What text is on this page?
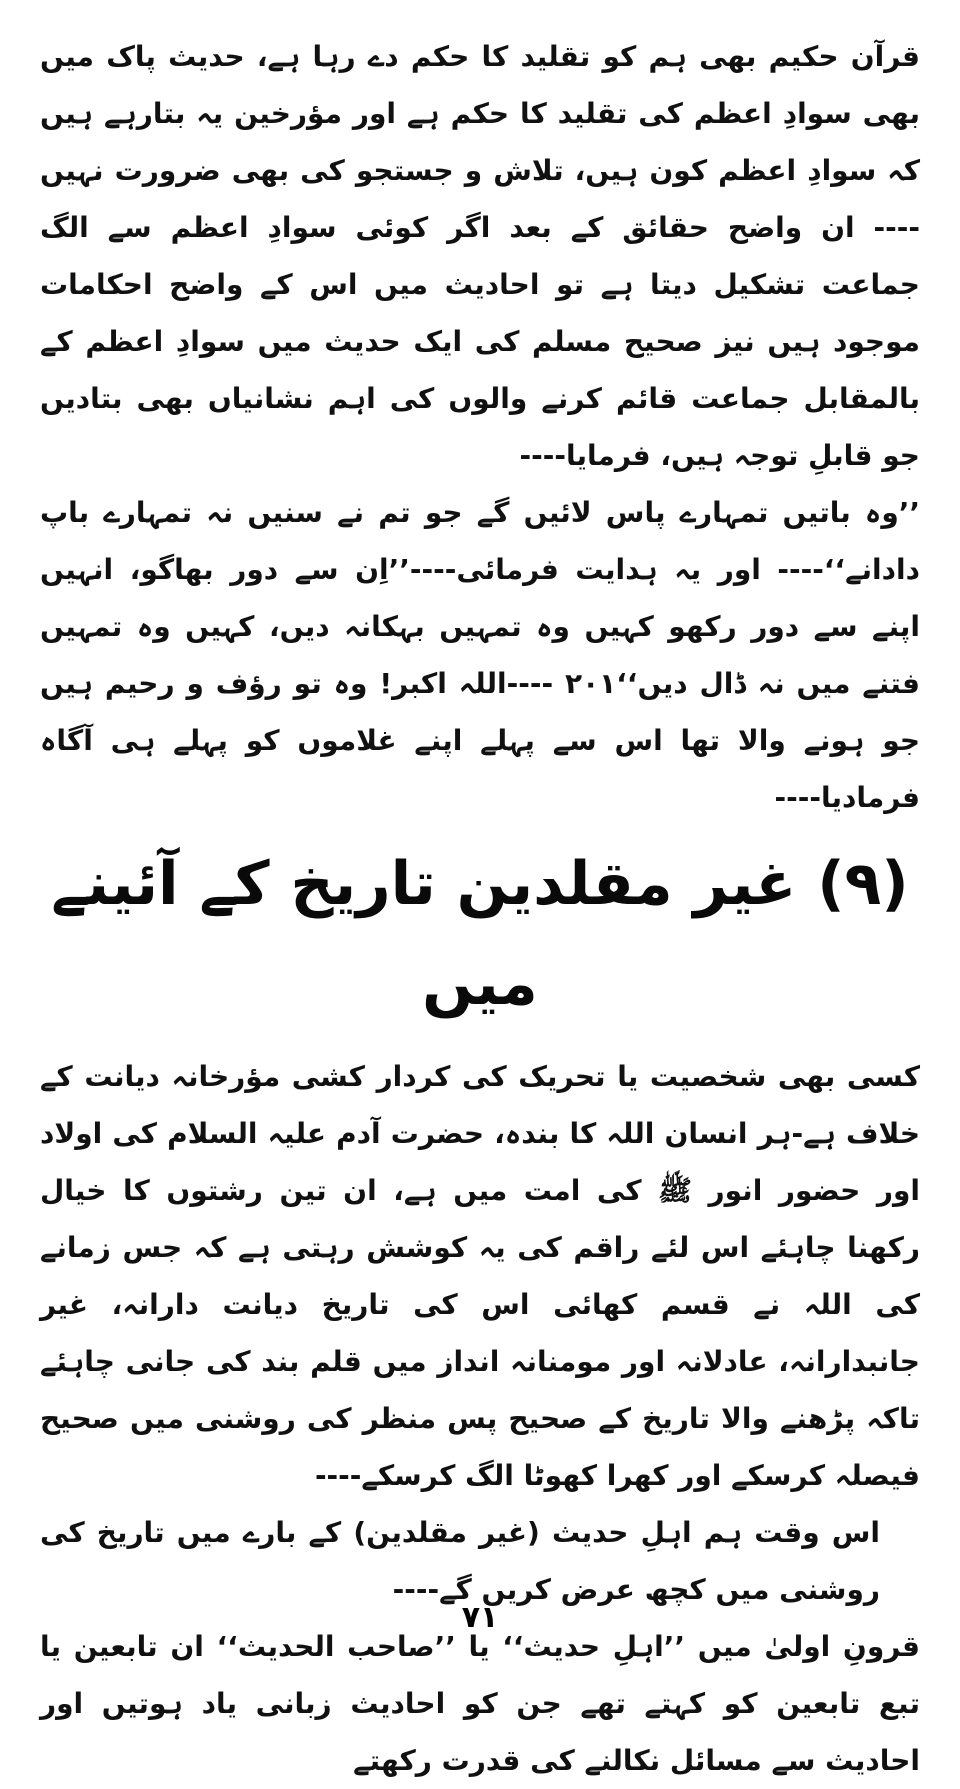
قرآن حکیم بھی ہم کو تقلید کا حکم دے رہا ہے، حدیث پاک میں بھی سوادِ اعظم کی تقلید کا حکم ہے اور مؤرخین یہ بتارہے ہیں کہ سوادِ اعظم کون ہیں، تلاش و جستجو کی بھی ضرورت نہیں ---- ان واضح حقائق کے بعد اگر کوئی سوادِ اعظم سے الگ جماعت تشکیل دیتا ہے تو احادیث میں اس کے واضح احکامات موجود ہیں نیز صحیح مسلم کی ایک حدیث میں سوادِ اعظم کے بالمقابل جماعت قائم کرنے والوں کی اہم نشانیاں بھی بتادیں جو قابلِ توجہ ہیں، فرمایا----

’’وہ باتیں تمہارے پاس لائیں گے جو تم نے سنیں نہ تمہارے باپ دادانے‘‘---- اور یہ ہدایت فرمائی----’’اِن سے دور بھاگو، انہیں اپنے سے دور رکھو کہیں وہ تمہیں بہکانہ دیں، کہیں وہ تمہیں فتنے میں نہ ڈال دیں‘‘۲۰۱ ----اللہ اکبر! وہ تو رؤف و رحیم ہیں جو ہونے والا تھا اس سے پہلے اپنے غلاموں کو پہلے ہی آگاہ فرمادیا----

(۹) غیر مقلدین تاریخ کے آئینے میں

کسی بھی شخصیت یا تحریک کی کردار کشی مؤرخانہ دیانت کے خلاف ہے-ہر انسان اللہ کا بندہ، حضرت آدم علیہ السلام کی اولاد اور حضور انور ﷺ کی امت میں ہے، ان تین رشتوں کا خیال رکھنا چاہئے اس لئے راقم کی یہ کوشش رہتی ہے کہ جس زمانے کی اللہ نے قسم کھائی اس کی تاریخ دیانت دارانہ، غیر جانبدارانہ، عادلانہ اور مومنانہ انداز میں قلم بند کی جانی چاہئے تاکہ پڑھنے والا تاریخ کے صحیح پس منظر کی روشنی میں صحیح فیصلہ کرسکے اور کھرا کھوٹا الگ کرسکے----

اس وقت ہم اہلِ حدیث (غیر مقلدین) کے بارے میں تاریخ کی روشنی میں کچھ عرض کریں گے----

قرونِ اولیٰ میں ’’اہلِ حدیث‘‘ یا ’’صاحب الحدیث‘‘ ان تابعین یا تبع تابعین کو کہتے تھے جن کو احادیث زبانی یاد ہوتیں اور احادیث سے مسائل نکالنے کی قدرت رکھتے

۷۱
